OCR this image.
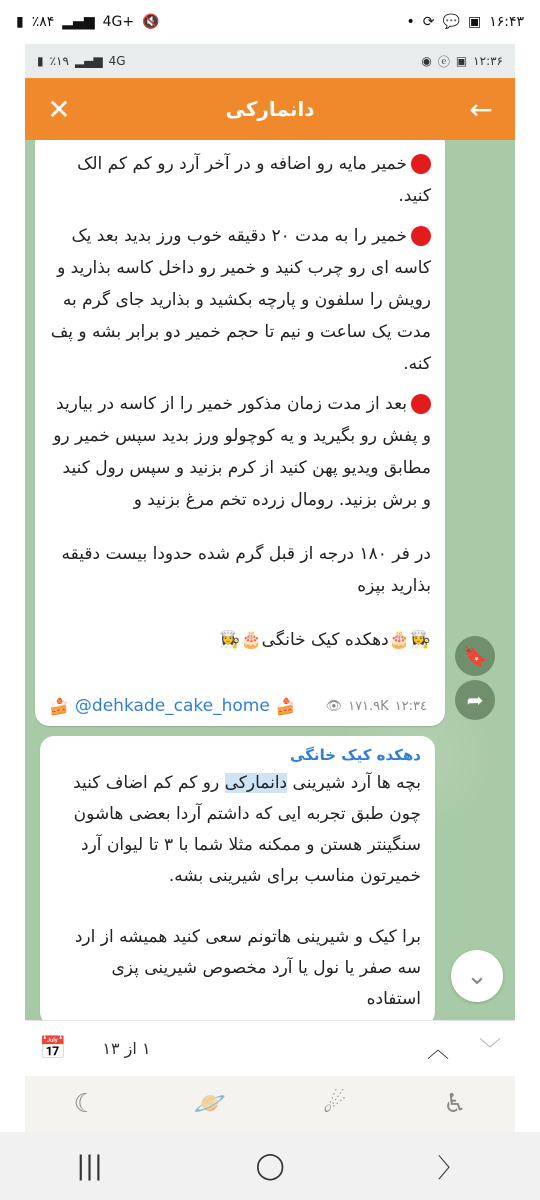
▮ ٪۸۴ ▂▄▆ 4G+ 🔇	• ⟳ 💬 ▣ ۱۶:۴۳
▮ ٪۱۹ ▂▄▆ 4G	◉ ⓔ ▣ ۱۲:۳۶
✕	دانمارکی	←

خمیر مایه رو اضافه و در آخر آرد رو کم کم الک کنید.

خمیر را به مدت ۲۰ دقیقه خوب ورز بدید بعد یک کاسه ای رو چرب کنید و خمیر رو داخل کاسه بذارید و رویش را سلفون و پارچه بکشید و بذارید جای گرم به مدت یک ساعت و نیم تا حجم خمیر دو برابر بشه و پف کنه.

بعد از مدت زمان مذکور خمیر را از کاسه در بیارید و پفش رو بگیرید و یه کوچولو ورز بدید سپس خمیر رو مطابق ویدیو پهن کنید از کرم بزنید و سپس رول کنید و برش بزنید. رومال زرده تخم مرغ بزنید و

در فر ۱۸۰ درجه از قبل گرم شده حدودا بیست دقیقه بذارید بپزه

👩‍🍳🎂دهکده کیک خانگی🎂👩‍🍳

🍰 @dehkade_cake_home 🍰 👁 ۱۷۱.۹K ۱۲:۳٤
🔖
➦
دهکده کیک خانگی

بچه ها آرد شیرینی دانمارکی رو کم کم اضاف کنید چون طبق تجربه ایی که داشتم آردا بعضی هاشون سنگینتر هستن و ممکنه مثلا شما با ۳ تا لیوان آرد خمیرتون مناسب برای شیرینی بشه.

برا کیک و شیرینی هاتونم سعی کنید همیشه از ارد سه صفر یا نول یا آرد مخصوص شیرینی پزی استفاده

⌄
📅 ۱ از ۱۳	︿ ﹀
☾	🪐	☄	♿
|||	◯	〉
